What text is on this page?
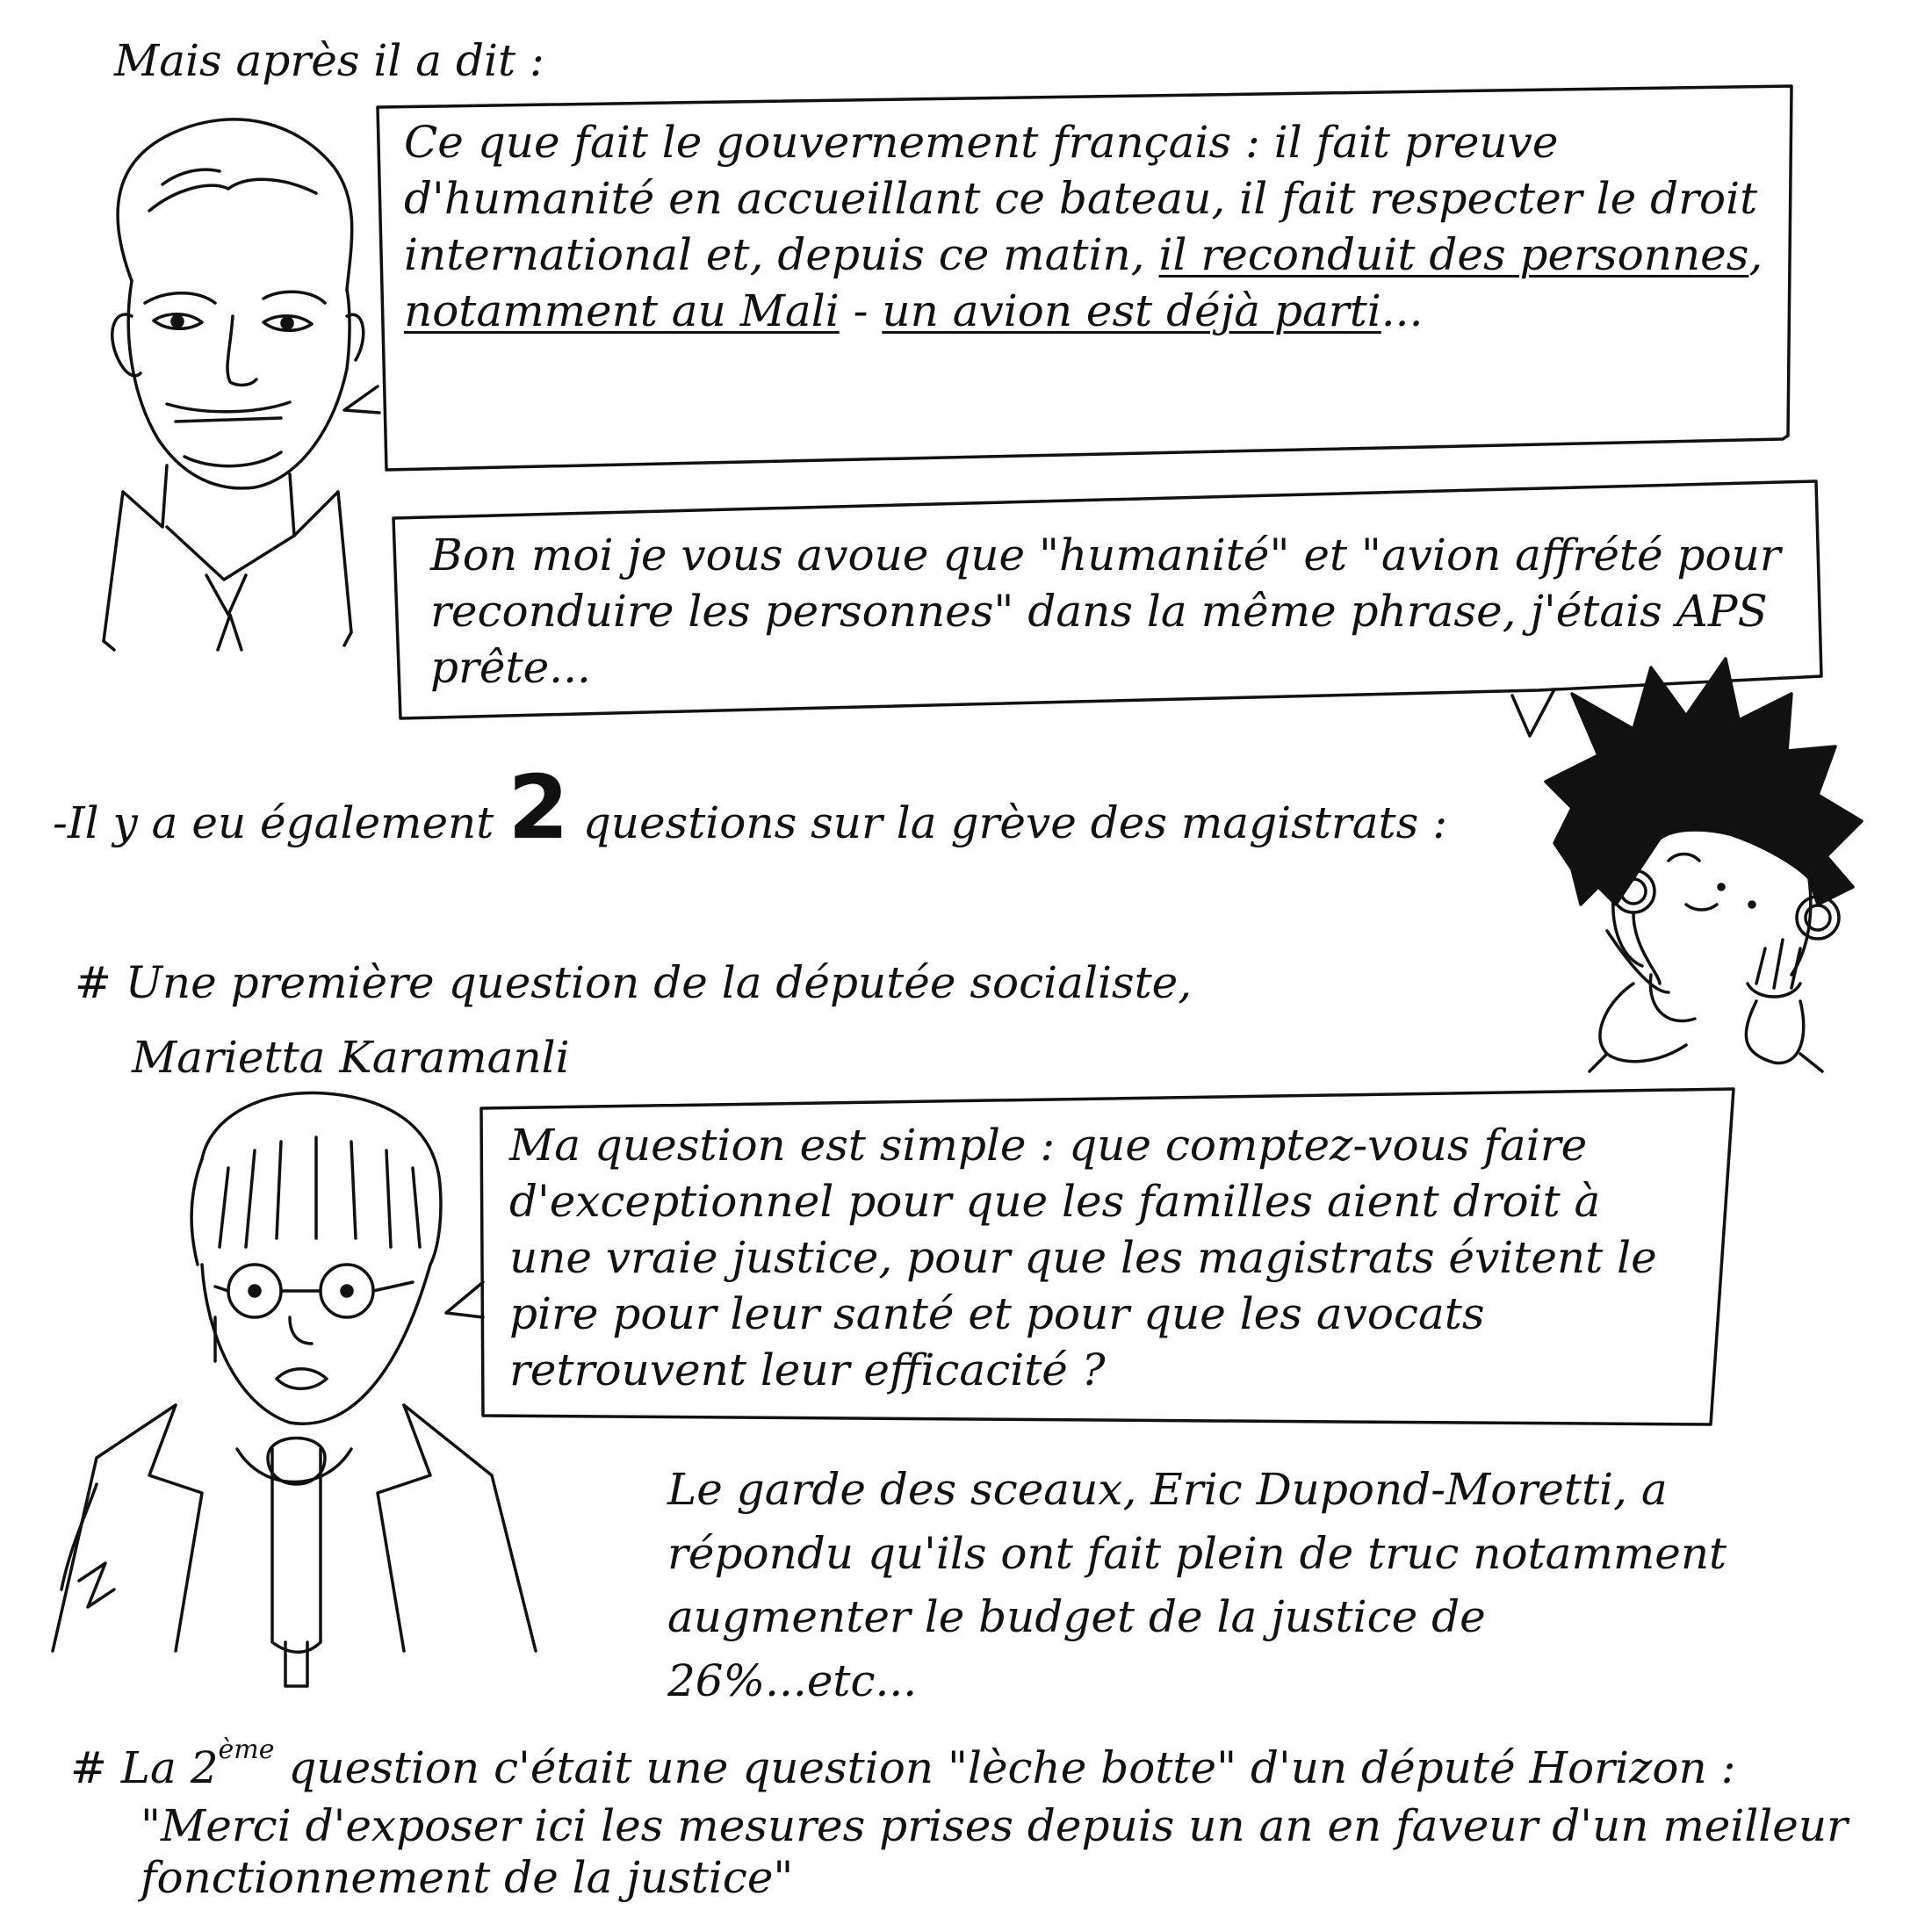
Mais après il a dit :
Ce que fait le gouvernement français : il fait preuve d'humanité en accueillant ce bateau, il fait respecter le droit international et, depuis ce matin, il reconduit des personnes, notamment au Mali - un avion est déjà parti...
Bon moi je vous avoue que "humanité" et "avion affrété pour reconduire les personnes" dans la même phrase, j'étais APS prête...
-Il y a eu également 2 questions sur la grève des magistrats :
# Une première question de la députée socialiste,
Marietta Karamanli
Ma question est simple : que comptez-vous faire d'exceptionnel pour que les familles aient droit à une vraie justice, pour que les magistrats évitent le pire pour leur santé et pour que les avocats retrouvent leur efficacité ?
Le garde des sceaux, Eric Dupond-Moretti, a répondu qu'ils ont fait plein de truc notamment augmenter le budget de la justice de 26%...etc...
# La 2ème question c'était une question "lèche botte" d'un député Horizon :
"Merci d'exposer ici les mesures prises depuis un an en faveur d'un meilleur fonctionnement de la justice"
